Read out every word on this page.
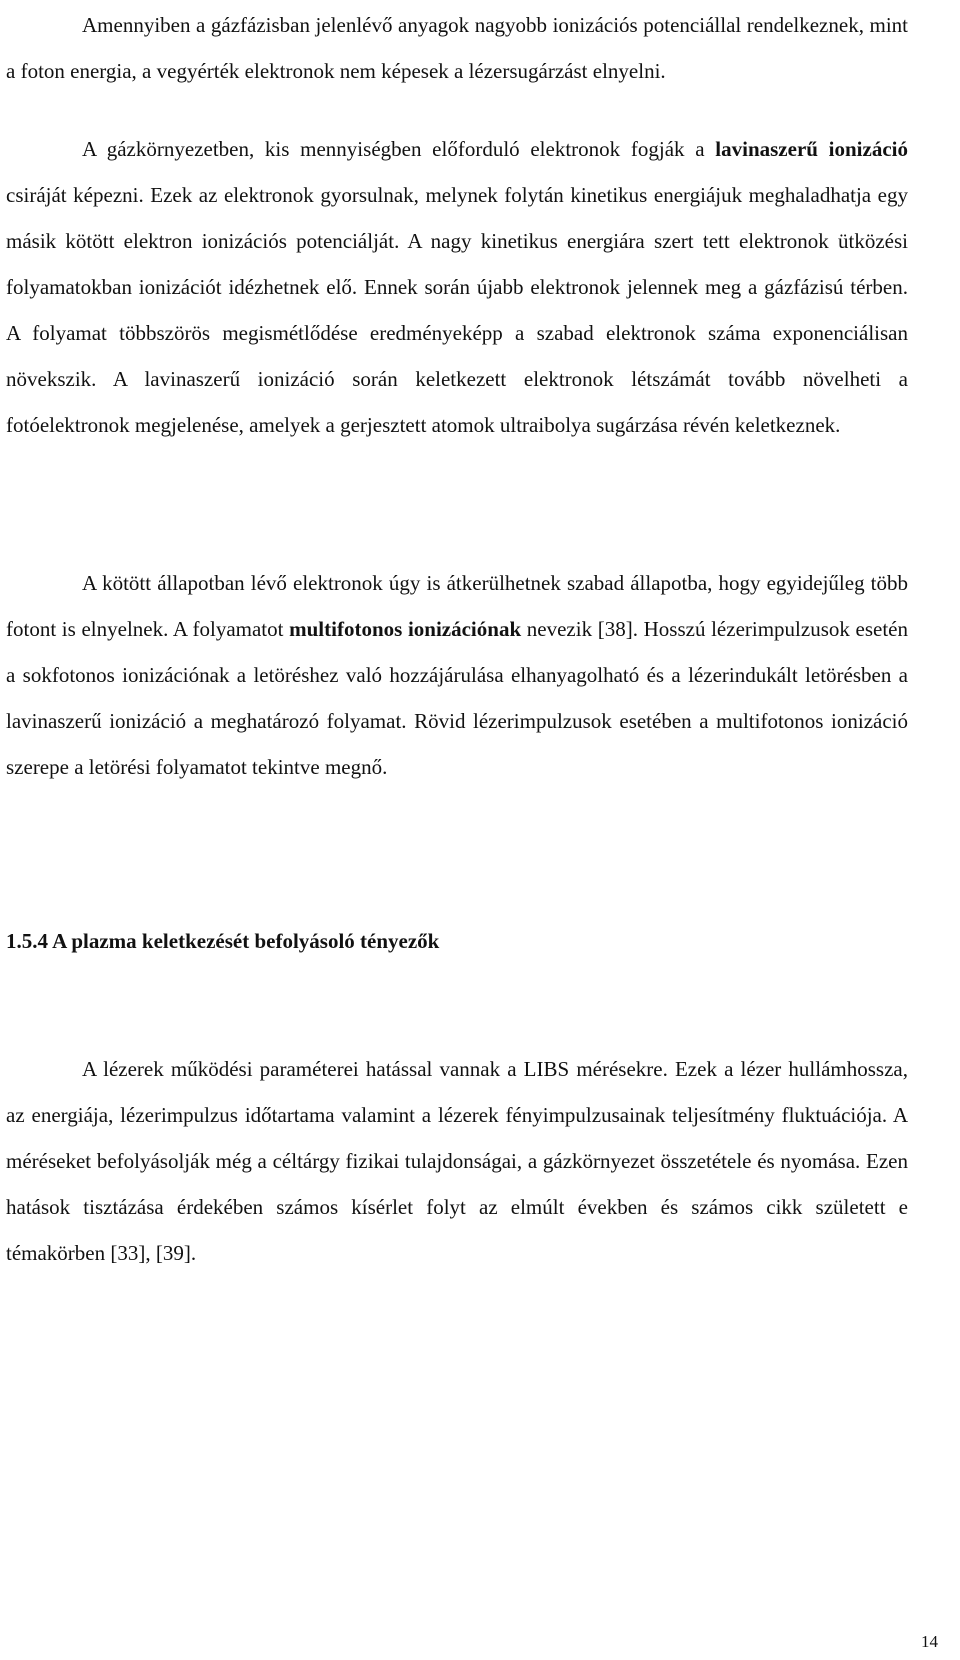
Amennyiben a gázfázisban jelenlévő anyagok nagyobb ionizációs potenciállal rendelkeznek, mint a foton energia, a vegyérték elektronok nem képesek a lézersugárzást elnyelni.

A gázkörnyezetben, kis mennyiségben előforduló elektronok fogják a lavinaszerű ionizáció csiráját képezni. Ezek az elektronok gyorsulnak, melynek folytán kinetikus energiájuk meghaladhatja egy másik kötött elektron ionizációs potenciálját. A nagy kinetikus energiára szert tett elektronok ütközési folyamatokban ionizációt idézhetnek elő. Ennek során újabb elektronok jelennek meg a gázfázisú térben. A folyamat többszörös megismétlődése eredményeképp a szabad elektronok száma exponenciálisan növekszik. A lavinaszerű ionizáció során keletkezett elektronok létszámát tovább növelheti a fotóelektronok megjelenése, amelyek a gerjesztett atomok ultraibolya sugárzása révén keletkeznek.

A kötött állapotban lévő elektronok úgy is átkerülhetnek szabad állapotba, hogy egyidejűleg több fotont is elnyelnek. A folyamatot multifotonos ionizációnak nevezik [38]. Hosszú lézerimpulzusok esetén a sokfotonos ionizációnak a letöréshez való hozzájárulása elhanyagolható és a lézerindukált letörésben a lavinaszerű ionizáció a meghatározó folyamat. Rövid lézerimpulzusok esetében a multifotonos ionizáció szerepe a letörési folyamatot tekintve megnő.

1.5.4 A plazma keletkezését befolyásoló tényezők

A lézerek működési paraméterei hatással vannak a LIBS mérésekre. Ezek a lézer hullámhossza, az energiája, lézerimpulzus időtartama valamint a lézerek fényimpulzusainak teljesítmény fluktuációja. A méréseket befolyásolják még a céltárgy fizikai tulajdonságai, a gázkörnyezet összetétele és nyomása. Ezen hatások tisztázása érdekében számos kísérlet folyt az elmúlt években és számos cikk született e témakörben [33], [39].

14
